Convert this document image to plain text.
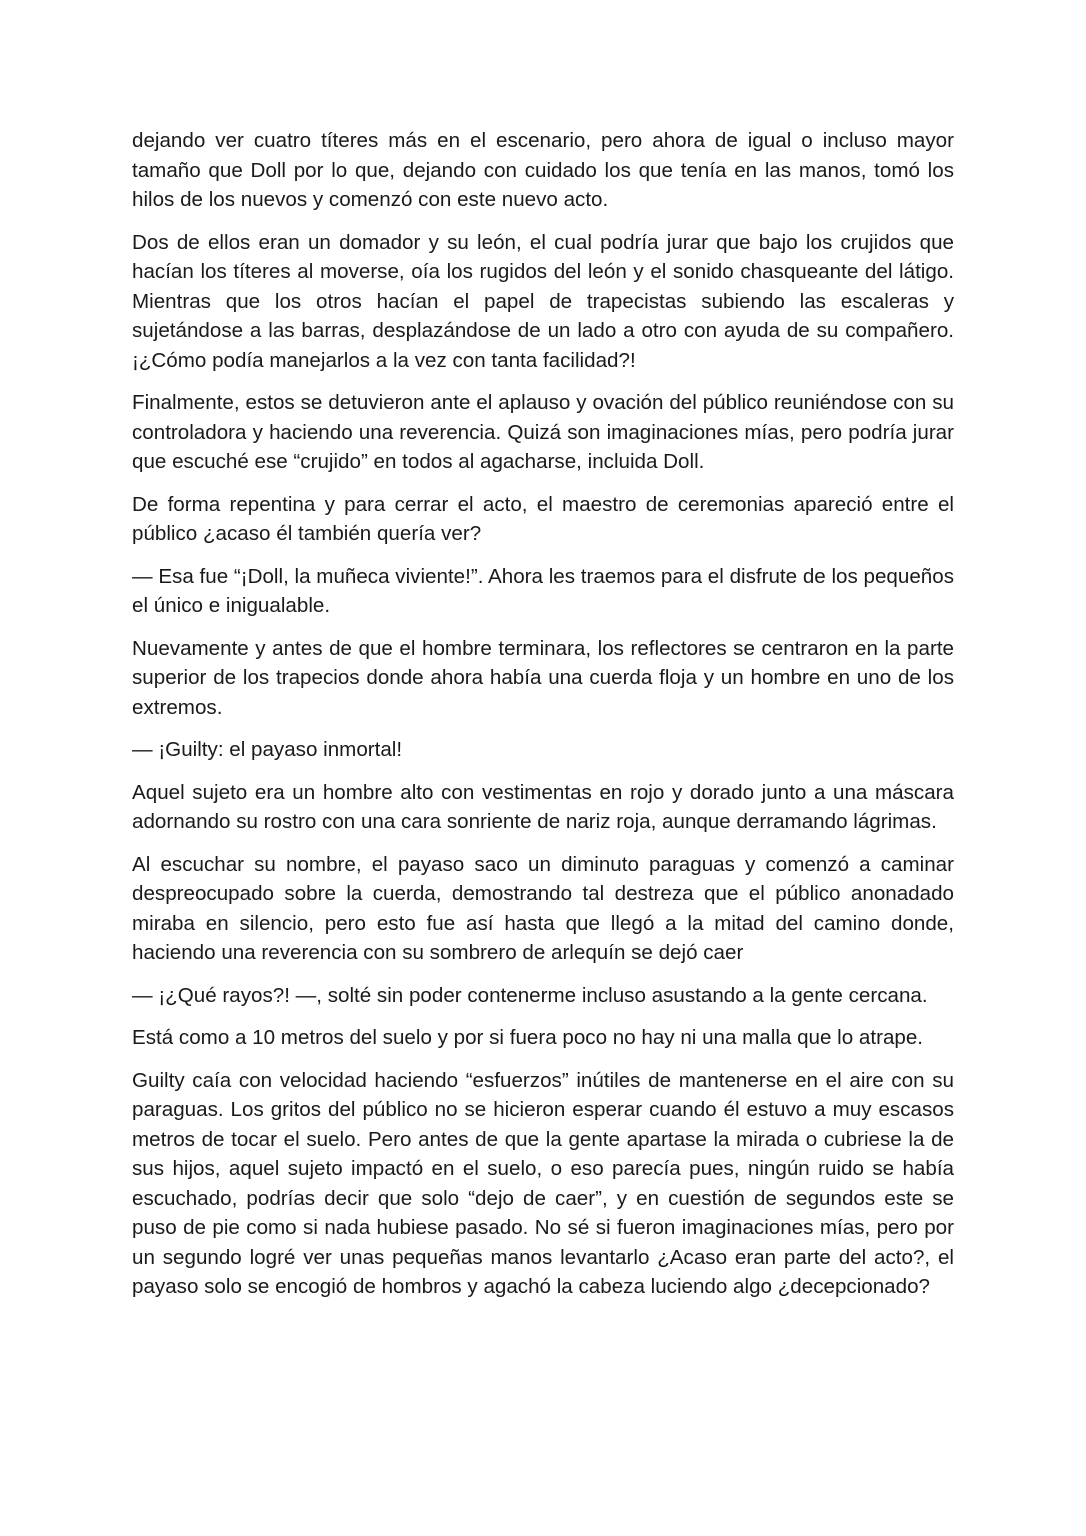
dejando ver cuatro títeres más en el escenario, pero ahora de igual o incluso mayor tamaño que Doll por lo que, dejando con cuidado los que tenía en las manos, tomó los hilos de los nuevos y comenzó con este nuevo acto.

Dos de ellos eran un domador y su león, el cual podría jurar que bajo los crujidos que hacían los títeres al moverse, oía los rugidos del león y el sonido chasqueante del látigo. Mientras que los otros hacían el papel de trapecistas subiendo las escaleras y sujetándose a las barras, desplazándose de un lado a otro con ayuda de su compañero. ¡¿Cómo podía manejarlos a la vez con tanta facilidad?!

Finalmente, estos se detuvieron ante el aplauso y ovación del público reuniéndose con su controladora y haciendo una reverencia. Quizá son imaginaciones mías, pero podría jurar que escuché ese “crujido” en todos al agacharse, incluida Doll.

De forma repentina y para cerrar el acto, el maestro de ceremonias apareció entre el público ¿acaso él también quería ver?

— Esa fue “¡Doll, la muñeca viviente!”. Ahora les traemos para el disfrute de los pequeños el único e inigualable.

Nuevamente y antes de que el hombre terminara, los reflectores se centraron en la parte superior de los trapecios donde ahora había una cuerda floja y un hombre en uno de los extremos.

— ¡Guilty: el payaso inmortal!

Aquel sujeto era un hombre alto con vestimentas en rojo y dorado junto a una máscara adornando su rostro con una cara sonriente de nariz roja, aunque derramando lágrimas.

Al escuchar su nombre, el payaso saco un diminuto paraguas y comenzó a caminar despreocupado sobre la cuerda, demostrando tal destreza que el público anonadado miraba en silencio, pero esto fue así hasta que llegó a la mitad del camino donde, haciendo una reverencia con su sombrero de arlequín se dejó caer

— ¡¿Qué rayos?! —, solté sin poder contenerme incluso asustando a la gente cercana.

Está como a 10 metros del suelo y por si fuera poco no hay ni una malla que lo atrape.

Guilty caía con velocidad haciendo “esfuerzos” inútiles de mantenerse en el aire con su paraguas. Los gritos del público no se hicieron esperar cuando él estuvo a muy escasos metros de tocar el suelo. Pero antes de que la gente apartase la mirada o cubriese la de sus hijos, aquel sujeto impactó en el suelo, o eso parecía pues, ningún ruido se había escuchado, podrías decir que solo “dejo de caer”, y en cuestión de segundos este se puso de pie como si nada hubiese pasado. No sé si fueron imaginaciones mías, pero por un segundo logré ver unas pequeñas manos levantarlo ¿Acaso eran parte del acto?, el payaso solo se encogió de hombros y agachó la cabeza luciendo algo ¿decepcionado?
